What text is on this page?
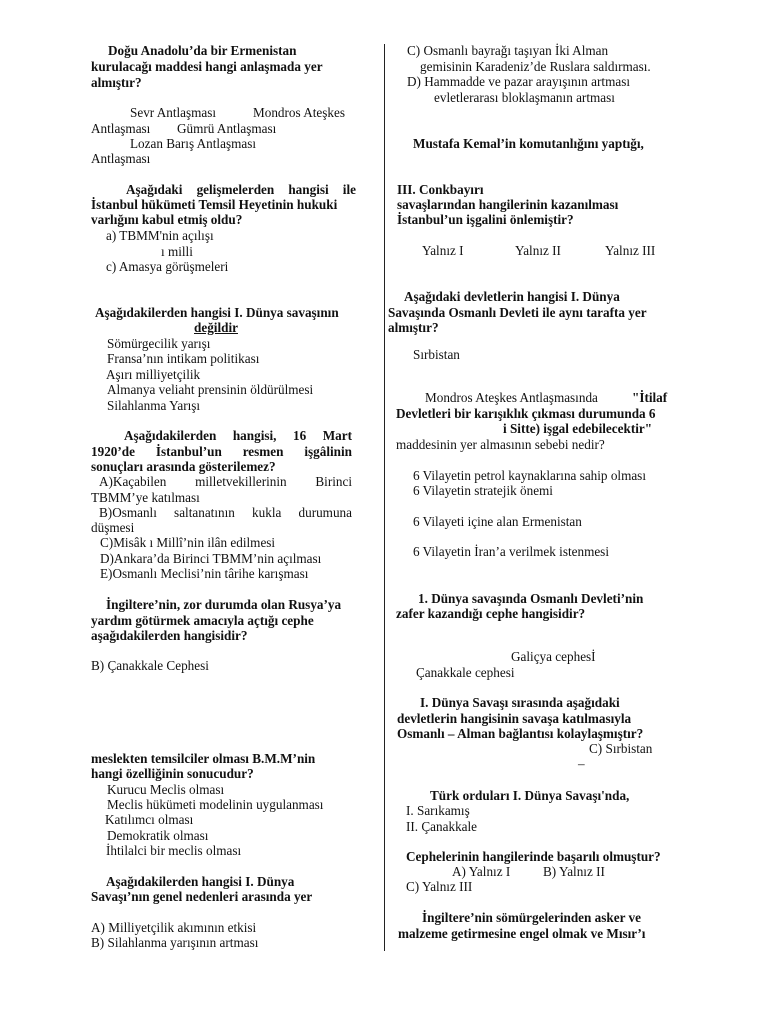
Doğu Anadolu’da bir Ermenistan
kurulacağı maddesi hangi anlaşmada yer
almıştır?
Sevr Antlaşması	Mondros Ateşkes
Antlaşması Gümrü Antlaşması
Lozan Barış Antlaşması
Antlaşması
Aşağıdaki gelişmelerden hangisi ile
İstanbul hükümeti Temsil Heyetinin hukuki
varlığını kabul etmiş oldu?
a) TBMM'nin açılışı
ı milli
c) Amasya görüşmeleri
Aşağıdakilerden hangisi I. Dünya savaşının
değildir
Sömürgecilik yarışı
Fransa’nın intikam politikası
Aşırı milliyetçilik
Almanya veliaht prensinin öldürülmesi
Silahlanma Yarışı
Aşağıdakilerden hangisi, 16 Mart
1920’de İstanbul’un resmen işgâlinin
sonuçları arasında gösterilemez?
A)Kaçabilen milletvekillerinin Birinci
TBMM’ye katılması
B)Osmanlı saltanatının kukla durumuna
düşmesi
C)Misâk ı Millî’nin ilân edilmesi
D)Ankara’da Birinci TBMM’nin açılması
E)Osmanlı Meclisi’nin târihe karışması
İngiltere’nin, zor durumda olan Rusya’ya
yardım götürmek amacıyla açtığı cephe
aşağıdakilerden hangisidir?
B) Çanakkale Cephesi
meslekten temsilciler olması B.M.M’nin
hangi özelliğinin sonucudur?
Kurucu Meclis olması
Meclis hükümeti modelinin uygulanması
Katılımcı olması
Demokratik olması
İhtilalci bir meclis olması
Aşağıdakilerden hangisi I. Dünya
Savaşı’nın genel nedenleri arasında yer
A) Milliyetçilik akımının etkisi
B) Silahlanma yarışının artması
C) Osmanlı bayrağı taşıyan İki Alman
gemisinin Karadeniz’de Ruslara saldırması.
D) Hammadde ve pazar arayışının artması
evletlerarası bloklaşmanın artması
Mustafa Kemal’in komutanlığını yaptığı,
III. Conkbayırı
savaşlarından hangilerinin kazanılması
İstanbul’un işgalini önlemiştir?
Yalnız I	Yalnız II	Yalnız III
Aşağıdaki devletlerin hangisi I. Dünya
Savaşında Osmanlı Devleti ile aynı tarafta yer
almıştır?
Sırbistan
Mondros Ateşkes Antlaşmasında	"İtilaf
Devletleri bir karışıklık çıkması durumunda 6
i Sitte) işgal edebilecektir"
maddesinin yer almasının sebebi nedir?
6 Vilayetin petrol kaynaklarına sahip olması
6 Vilayetin stratejik önemi
6 Vilayeti içine alan Ermenistan
6 Vilayetin İran’a verilmek istenmesi
1. Dünya savaşında Osmanlı Devleti’nin
zafer kazandığı cephe hangisidir?
Galiçya cephesİ
Çanakkale cephesi
I. Dünya Savaşı sırasında aşağıdaki
devletlerin hangisinin savaşa katılmasıyla
Osmanlı – Alman bağlantısı kolaylaşmıştır?
C) Sırbistan
–
Türk orduları I. Dünya Savaşı'nda,
I. Sarıkamış
II. Çanakkale
Cephelerinin hangilerinde başarılı olmuştur?
A) Yalnız I B) Yalnız II
C) Yalnız III
İngiltere’nin sömürgelerinden asker ve
malzeme getirmesine engel olmak ve Mısır’ı
